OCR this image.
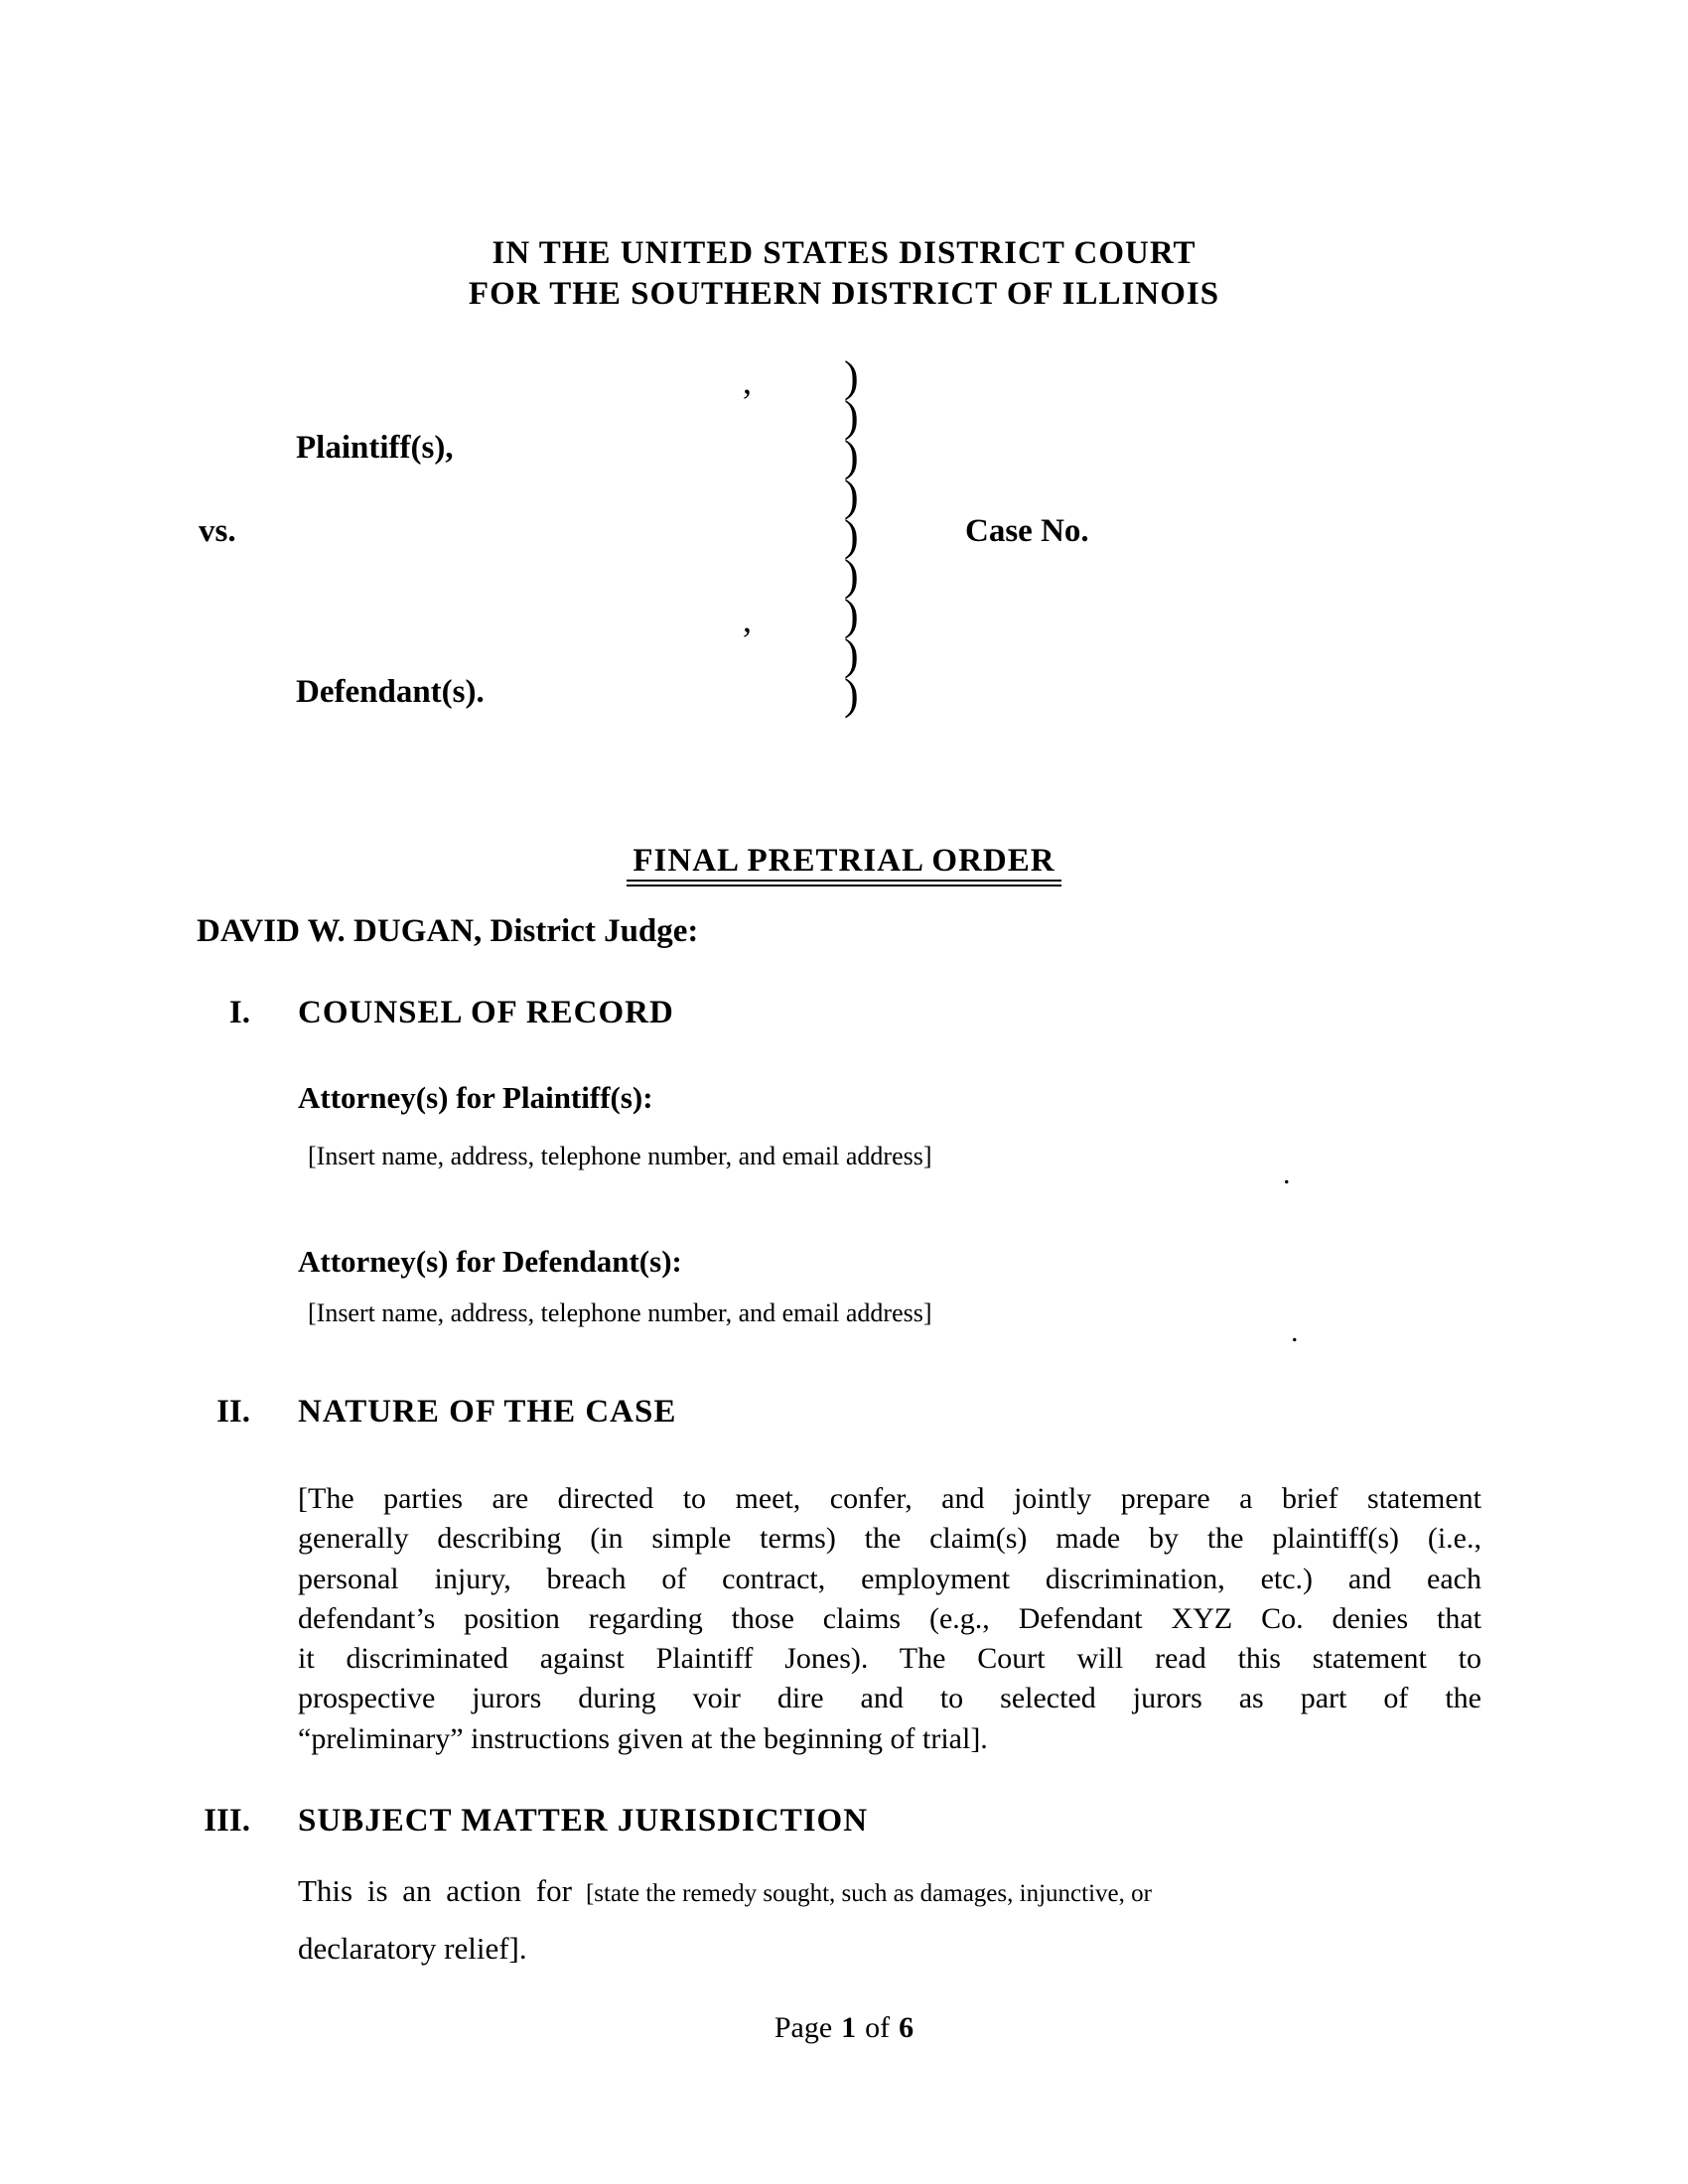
IN THE UNITED STATES DISTRICT COURT
FOR THE SOUTHERN DISTRICT OF ILLINOIS
, )
)
)
)
)
)
)
)
)
Plaintiff(s),
vs.	Case No.
,
Defendant(s).
FINAL PRETRIAL ORDER
DAVID W. DUGAN, District Judge:
I. COUNSEL OF RECORD
Attorney(s) for Plaintiff(s):
[Insert name, address, telephone number, and email address]
.
Attorney(s) for Defendant(s):
[Insert name, address, telephone number, and email address]
.
II. NATURE OF THE CASE
[The parties are directed to meet, confer, and jointly prepare a brief statement
generally describing (in simple terms) the claim(s) made by the plaintiff(s) (i.e.,
personal injury, breach of contract, employment discrimination, etc.) and each
defendant’s position regarding those claims (e.g., Defendant XYZ Co. denies that
it discriminated against Plaintiff Jones). The Court will read this statement to
prospective jurors during voir dire and to selected jurors as part of the
“preliminary” instructions given at the beginning of trial].
III. SUBJECT MATTER JURISDICTION
This is an action for [state the remedy sought, such as damages, injunctive, or
declaratory relief].
Page 1 of 6
